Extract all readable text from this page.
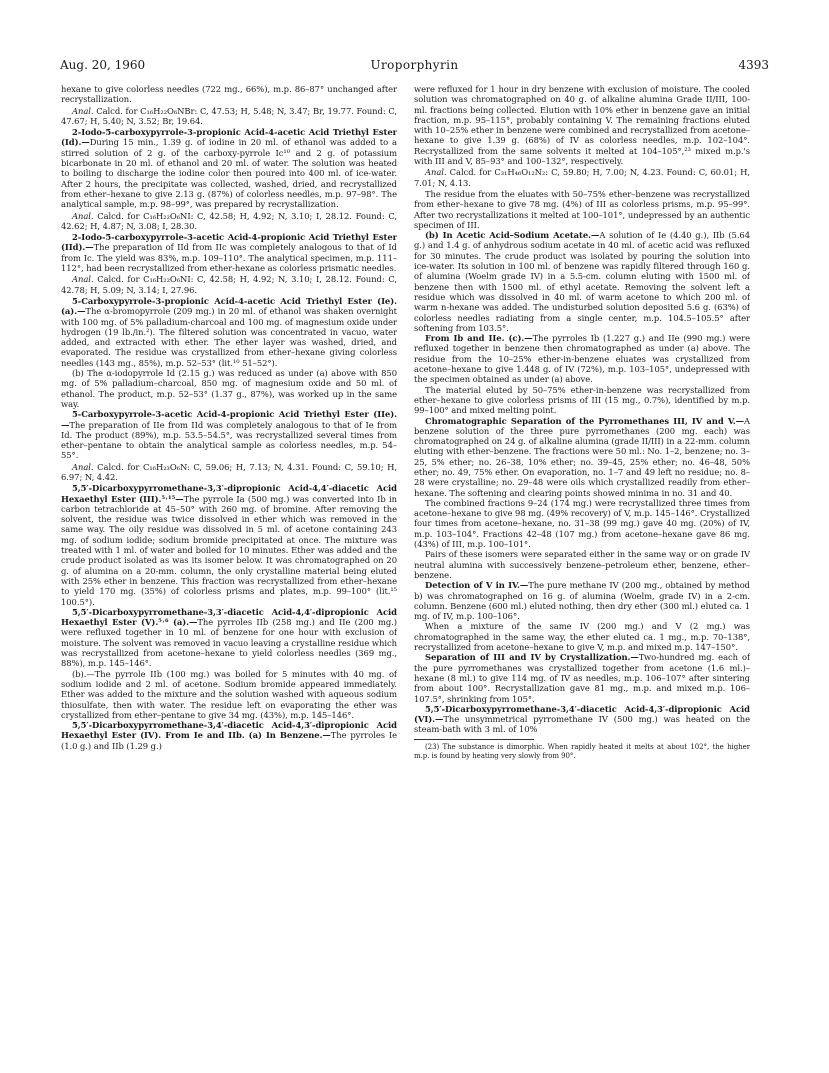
Aug. 20, 1960	Uroporphyrin	4393

hexane to give colorless needles (722 mg., 66%), m.p. 86–87° unchanged after recrystallization.

Anal. Calcd. for C₁₆H₂₂O₆NBr: C, 47.53; H, 5.48; N, 3.47; Br, 19.77. Found: C, 47.67; H, 5.40; N, 3.52; Br, 19.64.

2-Iodo-5-carboxypyrrole-3-propionic Acid-4-acetic Acid Triethyl Ester (Id).—During 15 min., 1.39 g. of iodine in 20 ml. of ethanol was added to a stirred solution of 2 g. of the carboxy-pyrrole Ic¹⁰ and 2 g. of potassium bicarbonate in 20 ml. of ethanol and 20 ml. of water. The solution was heated to boiling to discharge the iodine color then poured into 400 ml. of ice-water. After 2 hours, the precipitate was collected, washed, dried, and recrystallized from ether–hexane to give 2.13 g. (87%) of colorless needles, m.p. 97–98°. The analytical sample, m.p. 98–99°, was prepared by recrystallization.

Anal. Calcd. for C₁₆H₂₂O₆NI: C, 42.58; H, 4.92; N, 3.10; I, 28.12. Found: C, 42.62; H, 4.87; N, 3.08; I, 28.30.

2-Iodo-5-carboxypyrrole-3-acetic Acid-4-propionic Acid Triethyl Ester (IId).—The preparation of IId from IIc was completely analogous to that of Id from Ic. The yield was 83%, m.p. 109–110°. The analytical specimen, m.p. 111–112°, had been recrystallized from ether-hexane as colorless prismatic needles.

Anal. Calcd. for C₁₆H₂₂O₆NI: C, 42.58; H, 4.92; N, 3.10; I, 28.12. Found: C, 42.78; H, 5.09; N, 3.14; I, 27.96.

5-Carboxypyrrole-3-propionic Acid-4-acetic Acid Triethyl Ester (Ie). (a).—The α-bromopyrrole (209 mg.) in 20 ml. of ethanol was shaken overnight with 100 mg. of 5% palladium-charcoal and 100 mg. of magnesium oxide under hydrogen (19 lb./in.²). The filtered solution was concentrated in vacuo, water added, and extracted with ether. The ether layer was washed, dried, and evaporated. The residue was crystallized from ether–hexane giving colorless needles (143 mg., 85%), m.p. 52–53° (lit.¹⁰ 51–52°).

(b) The α-iodopyrrole Id (2.15 g.) was reduced as under (a) above with 850 mg. of 5% palladium–charcoal, 850 mg. of magnesium oxide and 50 ml. of ethanol. The product, m.p. 52–53° (1.37 g., 87%), was worked up in the same way.

5-Carboxypyrrole-3-acetic Acid-4-propionic Acid Triethyl Ester (IIe).—The preparation of IIe from IId was completely analogous to that of Ie from Id. The product (89%), m.p. 53.5–54.5°, was recrystallized several times from ether–pentane to obtain the analytical sample as colorless needles, m.p. 54–55°.

Anal. Calcd. for C₁₆H₂₃O₆N: C, 59.06; H, 7.13; N, 4.31. Found: C, 59.10; H, 6.97; N, 4.42.

5,5′-Dicarboxypyrromethane-3,3′-dipropionic Acid-4,4′-diacetic Acid Hexaethyl Ester (III).⁵˒¹⁵—The pyrrole Ia (500 mg.) was converted into Ib in carbon tetrachloride at 45–50° with 260 mg. of bromine. After removing the solvent, the residue was twice dissolved in ether which was removed in the same way. The oily residue was dissolved in 5 ml. of acetone containing 243 mg. of sodium iodide; sodium bromide precipitated at once. The mixture was treated with 1 ml. of water and boiled for 10 minutes. Ether was added and the crude product isolated as was its isomer below. It was chromatographed on 20 g. of alumina on a 20-mm. column, the only crystalline material being eluted with 25% ether in benzene. This fraction was recrystallized from ether–hexane to yield 170 mg. (35%) of colorless prisms and plates, m.p. 99–100° (lit.¹⁵ 100.5°).

5,5′-Dicarboxypyrromethane-3,3′-diacetic Acid-4,4′-dipropionic Acid Hexaethyl Ester (V).⁵˒⁶ (a).—The pyrroles IIb (258 mg.) and IIe (200 mg.) were refluxed together in 10 ml. of benzene for one hour with exclusion of moisture. The solvent was removed in vacuo leaving a crystalline residue which was recrystallized from acetone–hexane to yield colorless needles (369 mg., 88%), m.p. 145–146°.

(b).—The pyrrole IIb (100 mg.) was boiled for 5 minutes with 40 mg. of sodium iodide and 2 ml. of acetone. Sodium bromide appeared immediately. Ether was added to the mixture and the solution washed with aqueous sodium thiosulfate, then with water. The residue left on evaporating the ether was crystallized from ether–pentane to give 34 mg. (43%), m.p. 145–146°.

5,5′-Dicarboxypyrromethane-3,4′-diacetic Acid-4,3′-dipropionic Acid Hexaethyl Ester (IV). From Ie and IIb. (a) In Benzene.—The pyrroles Ie (1.0 g.) and IIb (1.29 g.)

were refluxed for 1 hour in dry benzene with exclusion of moisture. The cooled solution was chromatographed on 40 g. of alkaline alumina Grade II/III, 100-ml. fractions being collected. Elution with 10% ether in benzene gave an initial fraction, m.p. 95–115°, probably containing V. The remaining fractions eluted with 10–25% ether in benzene were combined and recrystallized from acetone–hexane to give 1.39 g. (68%) of IV as colorless needles, m.p. 102–104°. Recrystallized from the same solvents it melted at 104–105°,²³ mixed m.p.'s with III and V, 85–93° and 100–132°, respectively.

Anal. Calcd. for C₃₁H₄₆O₁₂N₂: C, 59.80; H, 7.00; N, 4.23. Found: C, 60.01; H, 7.01; N, 4.13.

The residue from the eluates with 50–75% ether–benzene was recrystallized from ether–hexane to give 78 mg. (4%) of III as colorless prisms, m.p. 95–99°. After two recrystallizations it melted at 100–101°, undepressed by an authentic specimen of III.

(b) In Acetic Acid–Sodium Acetate.—A solution of Ie (4.40 g.), IIb (5.64 g.) and 1.4 g. of anhydrous sodium acetate in 40 ml. of acetic acid was refluxed for 30 minutes. The crude product was isolated by pouring the solution into ice-water. Its solution in 100 ml. of benzene was rapidly filtered through 160 g. of alumina (Woelm grade IV) in a 5.5-cm. column eluting with 1500 ml. of benzene then with 1500 ml. of ethyl acetate. Removing the solvent left a residue which was dissolved in 40 ml. of warm acetone to which 200 ml. of warm n-hexane was added. The undisturbed solution deposited 5.6 g. (63%) of colorless needles radiating from a single center, m.p. 104.5–105.5° after softening from 103.5°.

From Ib and IIe. (c).—The pyrroles Ib (1.227 g.) and IIe (990 mg.) were refluxed together in benzene then chromatographed as under (a) above. The residue from the 10–25% ether-in-benzene eluates was crystallized from acetone–hexane to give 1.448 g. of IV (72%), m.p. 103–105°, undepressed with the specimen obtained as under (a) above.

The material eluted by 50–75% ether-in-benzene was recrystallized from ether–hexane to give colorless prisms of III (15 mg., 0.7%), identified by m.p. 99–100° and mixed melting point.

Chromatographic Separation of the Pyrromethanes III, IV and V.—A benzene solution of the three pure pyrromethanes (200 mg. each) was chromatographed on 24 g. of alkaline alumina (grade II/III) in a 22-mm. column eluting with ether–benzene. The fractions were 50 ml.: No. 1–2, benzene; no. 3–25, 5% ether; no. 26–38, 10% ether; no. 39–45, 25% ether; no. 46–48, 50% ether; no. 49, 75% ether. On evaporation, no. 1–7 and 49 left no residue; no. 8–28 were crystalline; no. 29–48 were oils which crystallized readily from ether–hexane. The softening and clearing points showed minima in no. 31 and 40.

The combined fractions 9–24 (174 mg.) were recrystallized three times from acetone–hexane to give 98 mg. (49% recovery) of V, m.p. 145–146°. Crystallized four times from acetone–hexane, no. 31–38 (99 mg.) gave 40 mg. (20%) of IV, m.p. 103–104°. Fractions 42–48 (107 mg.) from acetone–hexane gave 86 mg. (43%) of III, m.p. 100–101°.

Pairs of these isomers were separated either in the same way or on grade IV neutral alumina with successively benzene–petroleum ether, benzene, ether–benzene.

Detection of V in IV.—The pure methane IV (200 mg., obtained by method b) was chromatographed on 16 g. of alumina (Woelm, grade IV) in a 2-cm. column. Benzene (600 ml.) eluted nothing, then dry ether (300 ml.) eluted ca. 1 mg. of IV, m.p. 100–106°.

When a mixture of the same IV (200 mg.) and V (2 mg.) was chromatographed in the same way, the ether eluted ca. 1 mg., m.p. 70–138°, recrystallized from acetone–hexane to give V, m.p. and mixed m.p. 147–150°.

Separation of III and IV by Crystallization.—Two-hundred mg. each of the pure pyrromethanes was crystallized together from acetone (1.6 ml.)–hexane (8 ml.) to give 114 mg. of IV as needles, m.p. 106–107° after sintering from about 100°. Recrystallization gave 81 mg., m.p. and mixed m.p. 106–107.5°, shrinking from 105°.

5,5′-Dicarboxypyrromethane-3,4′-diacetic Acid-4,3′-dipropionic Acid (VI).—The unsymmetrical pyrromethane IV (500 mg.) was heated on the steam-bath with 3 ml. of 10%

(23) The substance is dimorphic. When rapidly heated it melts at about 102°, the higher m.p. is found by heating very slowly from 90°.
